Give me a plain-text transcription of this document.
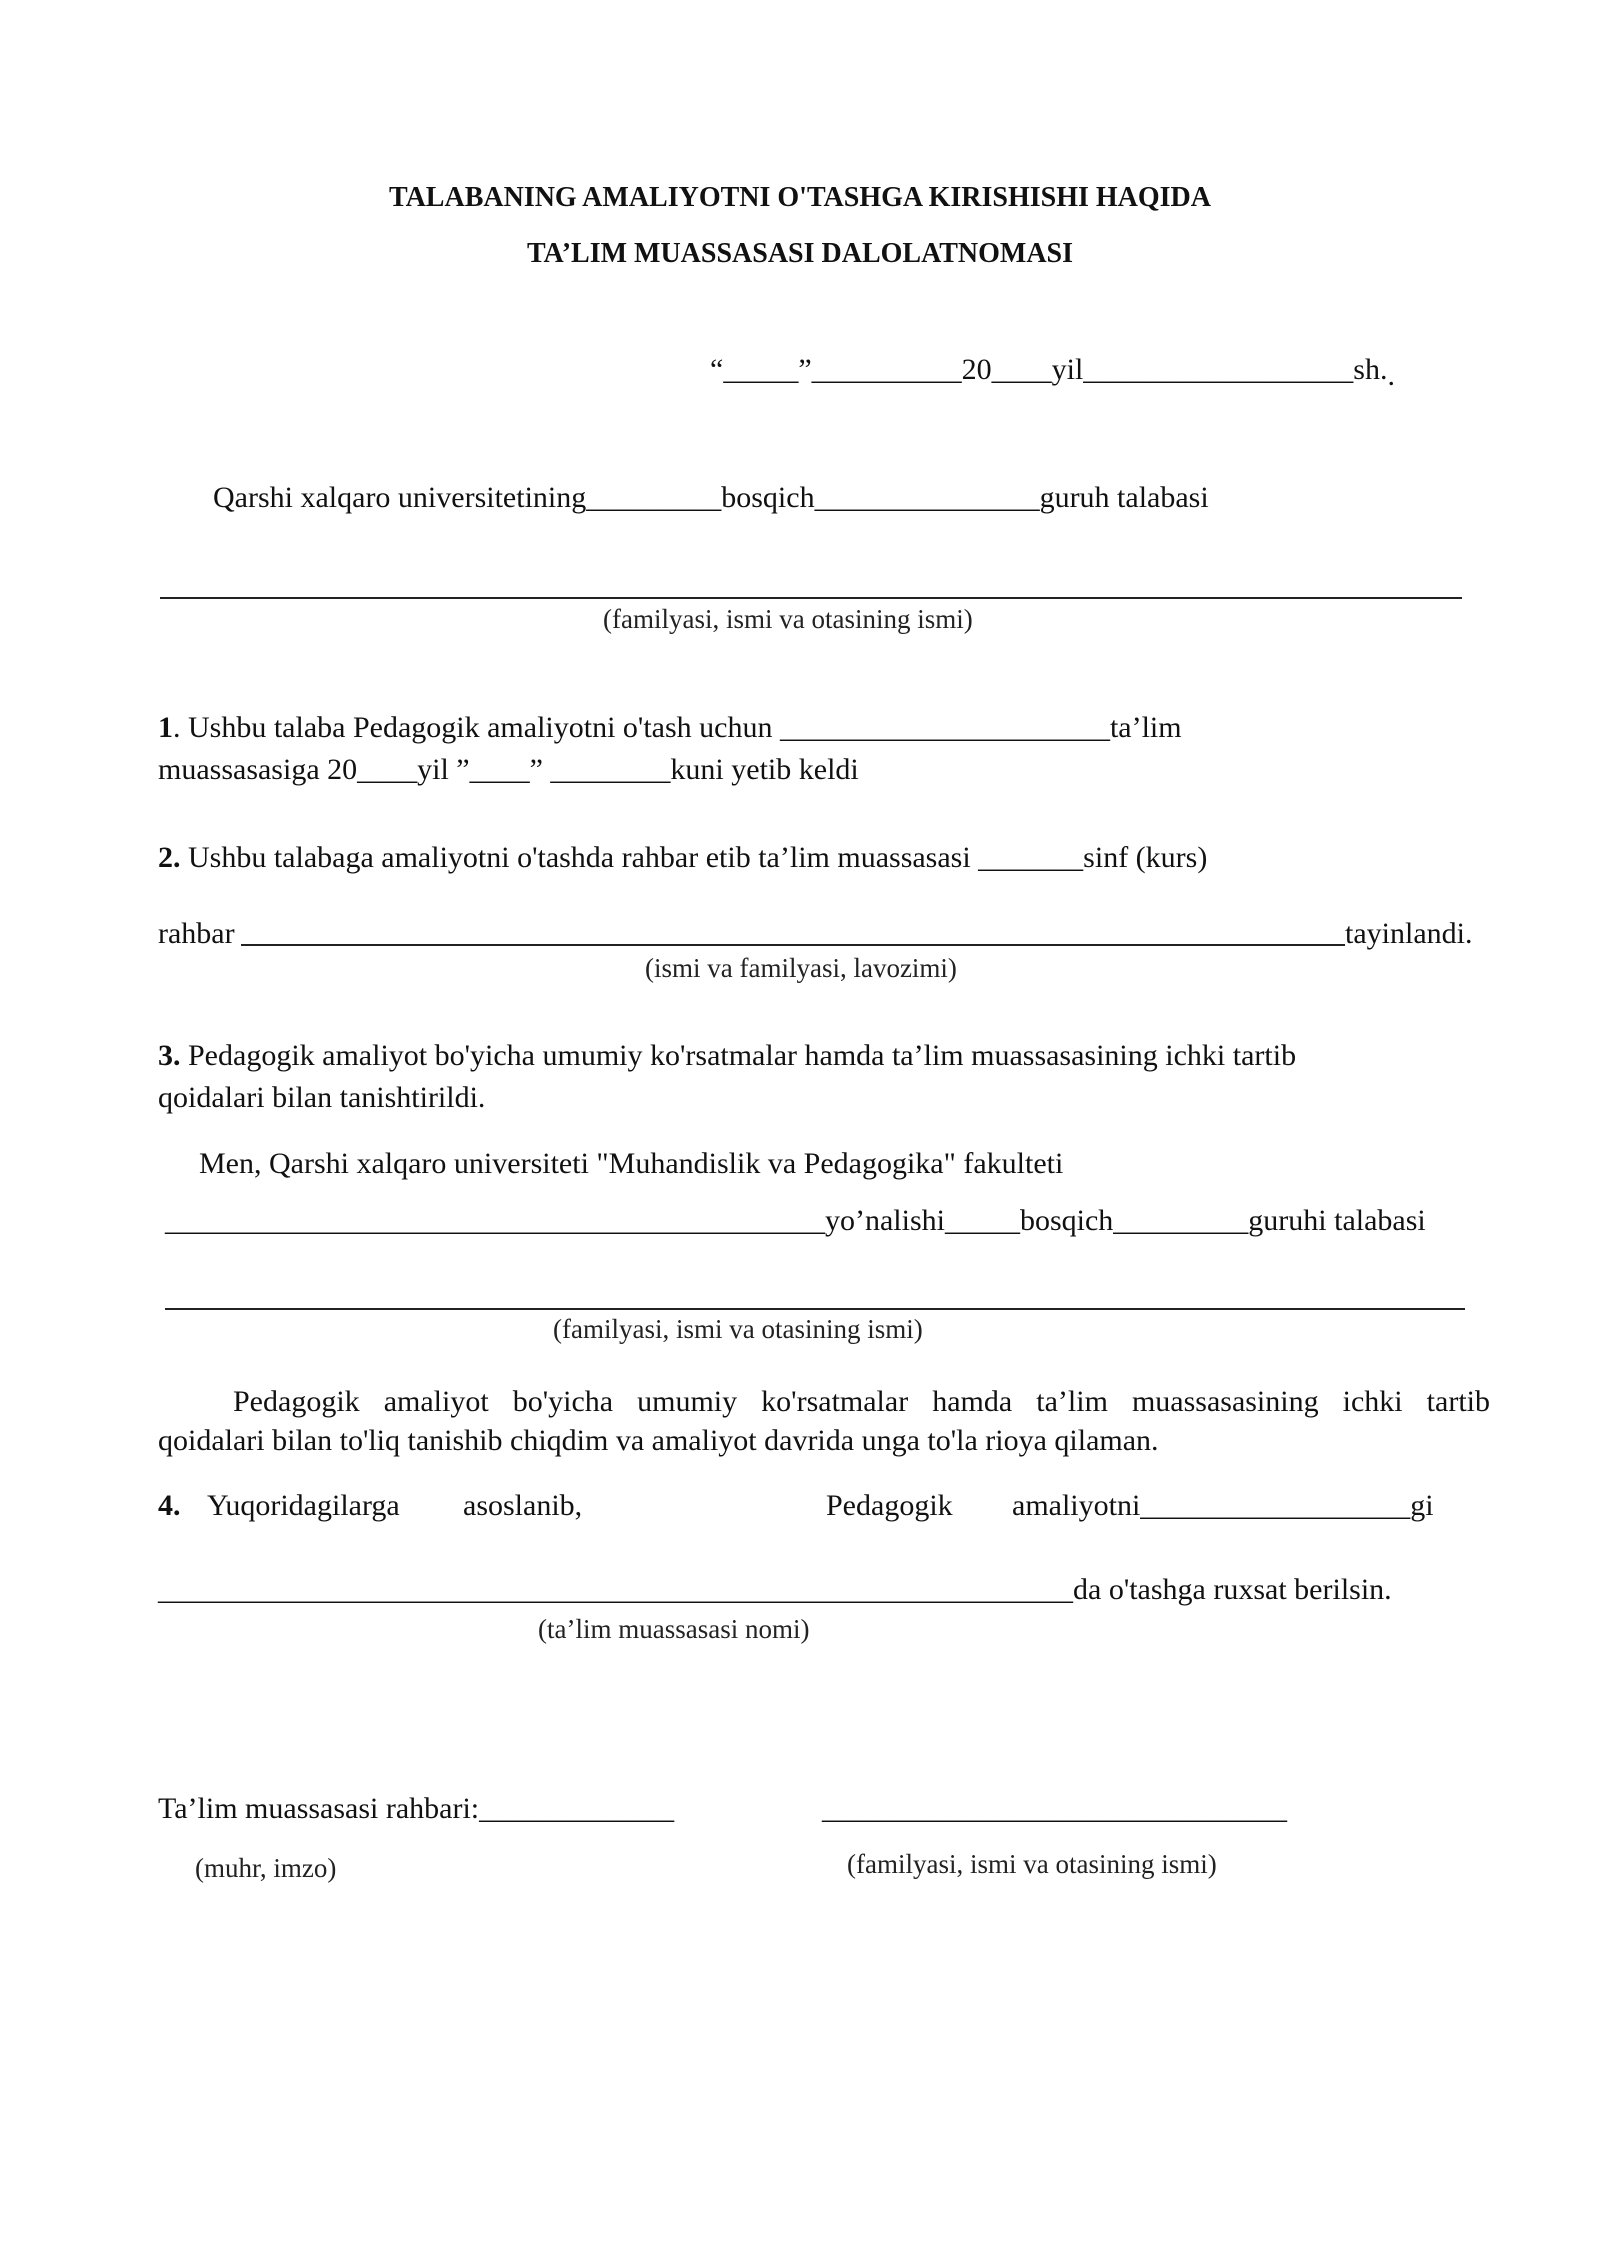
TALABANING AMALIYOTNI O'TASHGA KIRISHISHI HAQIDA
TA’LIM MUASSASASI DALOLATNOMASI
“_____”__________20____yil__________________sh..
Qarshi xalqaro universitetining_________bosqich_______________guruh talabasi
(familyasi, ismi va otasining ismi)
1. Ushbu talaba Pedagogik amaliyotni o'tash uchun ______________________ta’lim
muassasasiga 20____yil ”____” ________kuni yetib keldi
2. Ushbu talabaga amaliyotni o'tashda rahbar etib ta’lim muassasasi _______sinf (kurs)
rahbar	tayinlandi.
(ismi va familyasi, lavozimi)
3. Pedagogik amaliyot bo'yicha umumiy ko'rsatmalar hamda ta’lim muassasasining ichki tartib
qoidalari bilan tanishtirildi.
Men, Qarshi xalqaro universiteti "Muhandislik va Pedagogika" fakulteti
____________________________________________yo’nalishi_____bosqich_________guruhi talabasi
(familyasi, ismi va otasining ismi)
Pedagogik amaliyot bo'yicha umumiy ko'rsatmalar hamda ta’lim muassasasining ichki tartib
qoidalari bilan to'liq tanishib chiqdim va amaliyot davrida unga to'la rioya qilaman.
4. Yuqoridagilarga asoslanib,	Pedagogik amaliyotni__________________gi
_____________________________________________________________da o'tashga ruxsat berilsin.
(ta’lim muassasasi nomi)
Ta’lim muassasasi rahbari:_____________	_______________________________
(muhr, imzo)	(familyasi, ismi va otasining ismi)
